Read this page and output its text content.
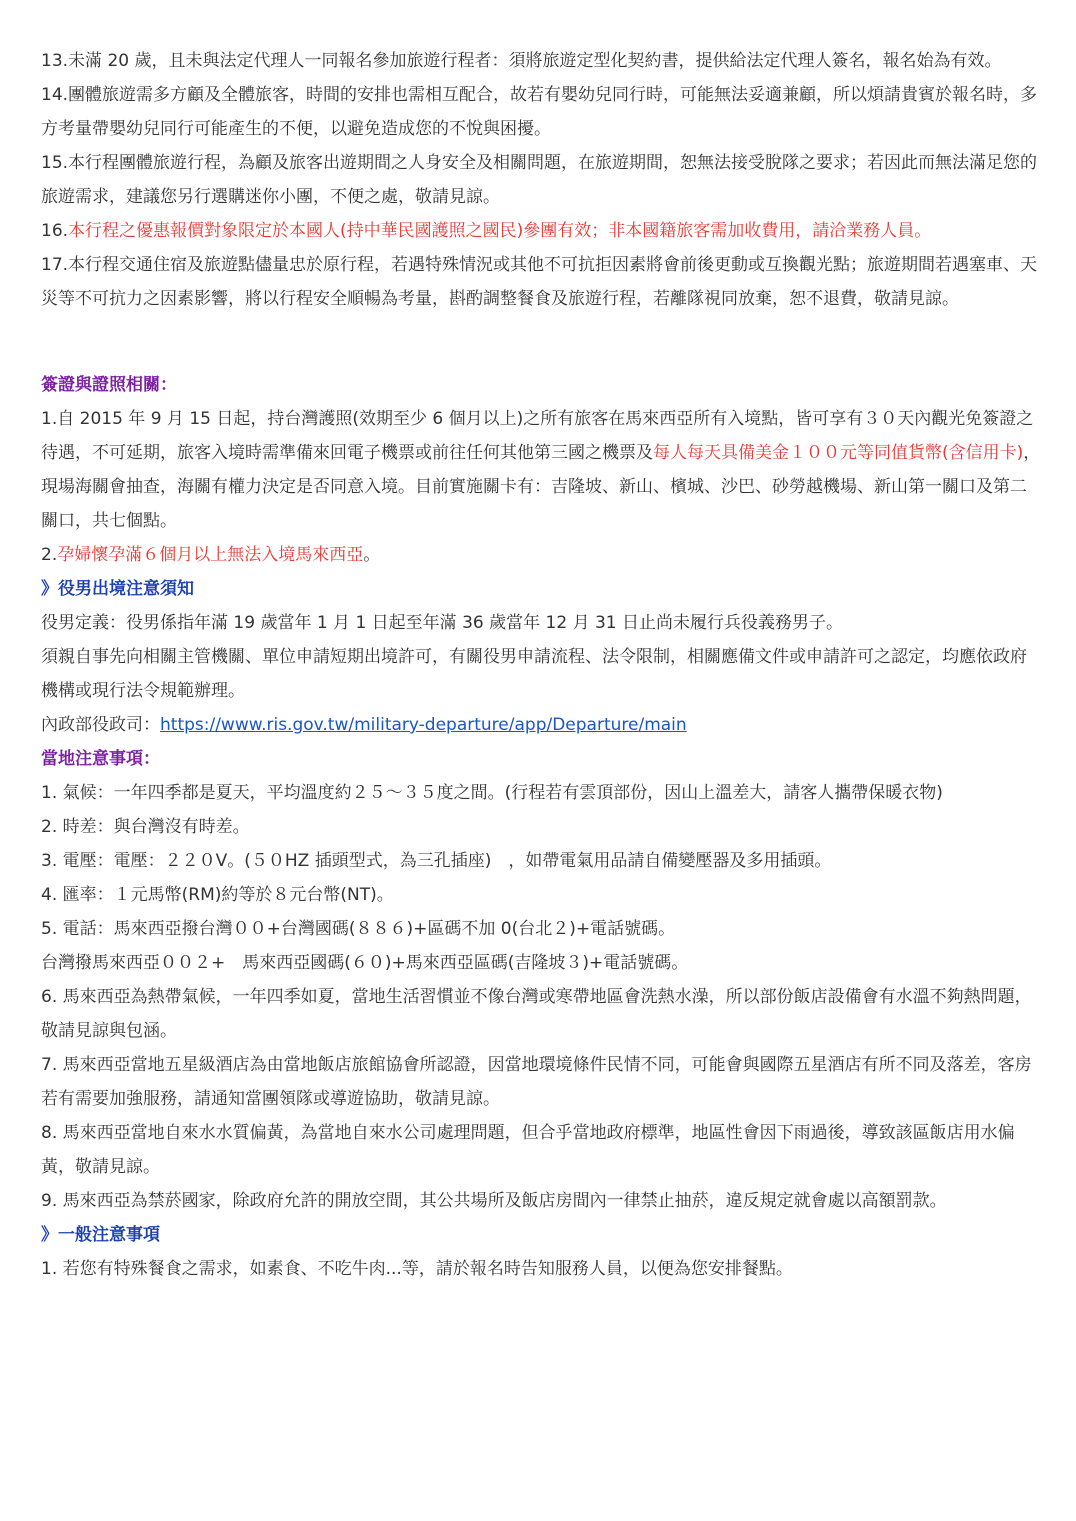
13.未滿 20 歲，且未與法定代理人一同報名參加旅遊行程者：須將旅遊定型化契約書，提供給法定代理人簽名，報名始為有效。

14.團體旅遊需多方顧及全體旅客，時間的安排也需相互配合，故若有嬰幼兒同行時，可能無法妥適兼顧，所以煩請貴賓於報名時，多方考量帶嬰幼兒同行可能產生的不便，以避免造成您的不悅與困擾。

15.本行程團體旅遊行程，為顧及旅客出遊期間之人身安全及相關問題，在旅遊期間，恕無法接受脫隊之要求；若因此而無法滿足您的旅遊需求，建議您另行選購迷你小團，不便之處，敬請見諒。

16.本行程之優惠報價對象限定於本國人(持中華民國護照之國民)參團有效；非本國籍旅客需加收費用，請洽業務人員。

17.本行程交通住宿及旅遊點儘量忠於原行程，若遇特殊情況或其他不可抗拒因素將會前後更動或互換觀光點；旅遊期間若遇塞車、天災等不可抗力之因素影響，將以行程安全順暢為考量，斟酌調整餐食及旅遊行程，若離隊視同放棄，恕不退費，敬請見諒。

簽證與證照相關：

1.自 2015 年 9 月 15 日起，持台灣護照(效期至少 6 個月以上)之所有旅客在馬來西亞所有入境點，皆可享有３０天內觀光免簽證之待遇，不可延期，旅客入境時需準備來回電子機票或前往任何其他第三國之機票及每人每天具備美金１００元等同值貨幣(含信用卡)，現場海關會抽查，海關有權力決定是否同意入境。目前實施關卡有：吉隆坡、新山、檳城、沙巴、砂勞越機場、新山第一關口及第二關口，共七個點。

2.孕婦懷孕滿６個月以上無法入境馬來西亞。

》役男出境注意須知

役男定義：役男係指年滿 19 歲當年 1 月 1 日起至年滿 36 歲當年 12 月 31 日止尚未履行兵役義務男子。

須親自事先向相關主管機關、單位申請短期出境許可，有關役男申請流程、法令限制，相關應備文件或申請許可之認定，均應依政府機構或現行法令規範辦理。

內政部役政司：https://www.ris.gov.tw/military-departure/app/Departure/main

當地注意事項：

1. 氣候：一年四季都是夏天，平均溫度約２５～３５度之間。(行程若有雲頂部份，因山上溫差大，請客人攜帶保暖衣物)

2. 時差：與台灣沒有時差。

3. 電壓：電壓：２２０V。(５０HZ 插頭型式，為三孔插座)　，如帶電氣用品請自備變壓器及多用插頭。

4. 匯率：１元馬幣(RM)約等於８元台幣(NT)。

5. 電話：馬來西亞撥台灣００+台灣國碼(８８６)+區碼不加 0(台北２)+電話號碼。

台灣撥馬來西亞００２+　馬來西亞國碼(６０)+馬來西亞區碼(吉隆坡３)+電話號碼。

6. 馬來西亞為熱帶氣候，一年四季如夏，當地生活習慣並不像台灣或寒帶地區會洗熱水澡，所以部份飯店設備會有水溫不夠熱問題，敬請見諒與包涵。

7. 馬來西亞當地五星級酒店為由當地飯店旅館協會所認證，因當地環境條件民情不同，可能會與國際五星酒店有所不同及落差，客房若有需要加強服務，請通知當團領隊或導遊協助，敬請見諒。

8. 馬來西亞當地自來水水質偏黃，為當地自來水公司處理問題，但合乎當地政府標準，地區性會因下雨過後，導致該區飯店用水偏黃，敬請見諒。

9. 馬來西亞為禁菸國家，除政府允許的開放空間，其公共場所及飯店房間內一律禁止抽菸，違反規定就會處以高額罰款。

》一般注意事項

1. 若您有特殊餐食之需求，如素食、不吃牛肉...等，請於報名時告知服務人員，以便為您安排餐點。
